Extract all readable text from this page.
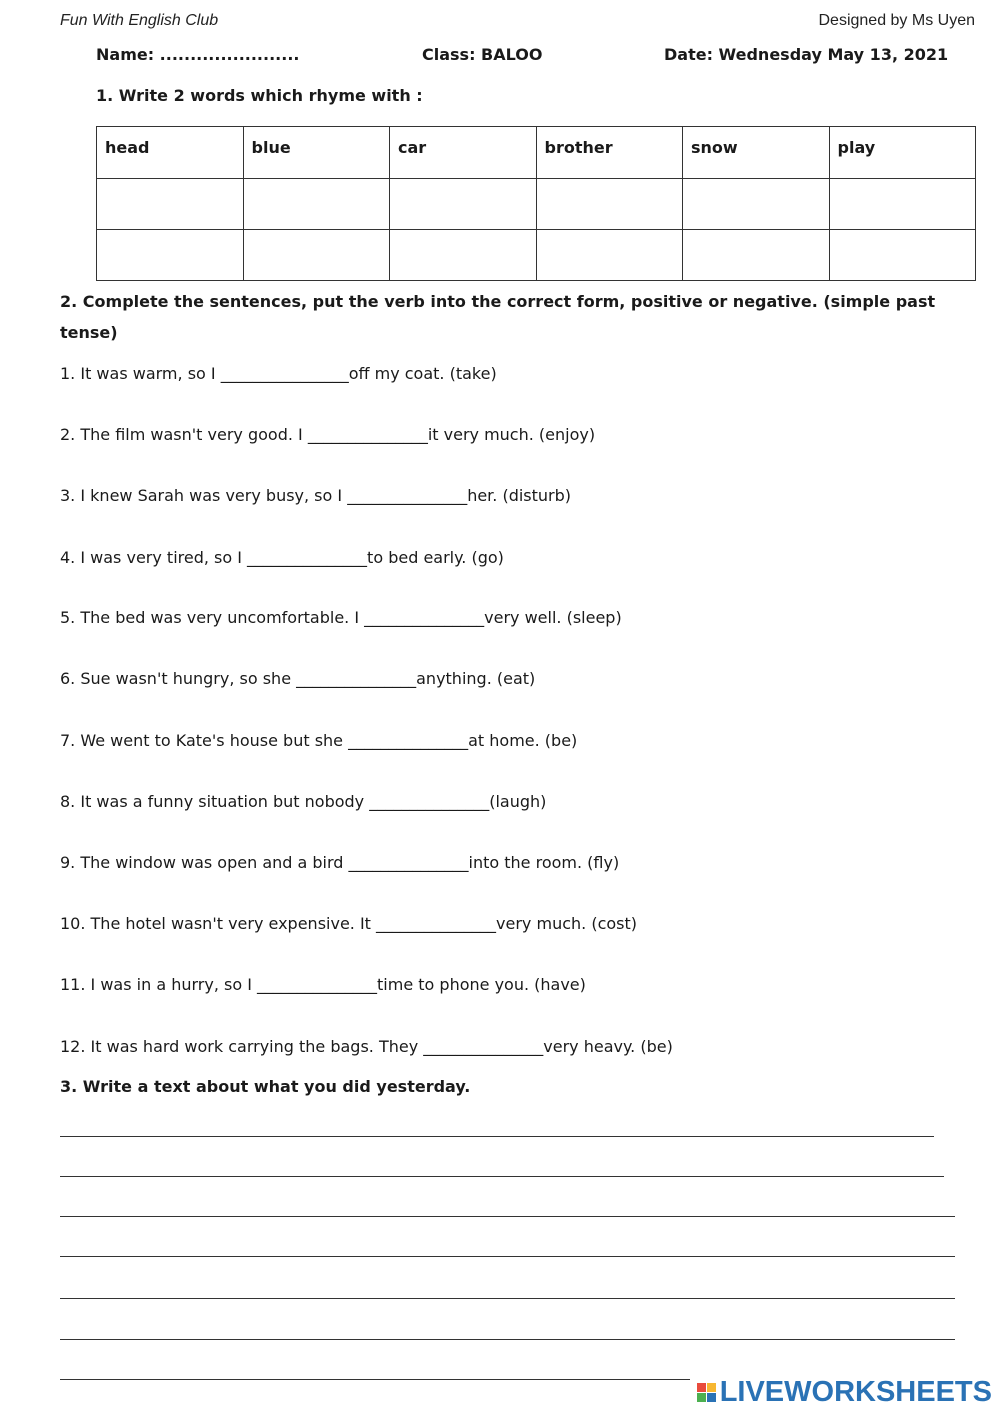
Fun With English Club	Designed by Ms Uyen
Name: .......................	Class: BALOO	Date: Wednesday May 13, 2021
1. Write 2 words which rhyme with :
head	blue	car	brother	snow	play

2. Complete the sentences, put the verb into the correct form, positive or negative. (simple past
tense)
1. It was warm, so I ________________off my coat. (take)
2. The film wasn't very good. I _______________it very much. (enjoy)
3. I knew Sarah was very busy, so I _______________her. (disturb)
4. I was very tired, so I _______________to bed early. (go)
5. The bed was very uncomfortable. I _______________very well. (sleep)
6. Sue wasn't hungry, so she _______________anything. (eat)
7. We went to Kate's house but she _______________at home. (be)
8. It was a funny situation but nobody _______________(laugh)
9. The window was open and a bird _______________into the room. (fly)
10. The hotel wasn't very expensive. It _______________very much. (cost)
11. I was in a hurry, so I _______________time to phone you. (have)
12. It was hard work carrying the bags. They _______________very heavy. (be)
3. Write a text about what you did yesterday.
LIVEWORKSHEETS
